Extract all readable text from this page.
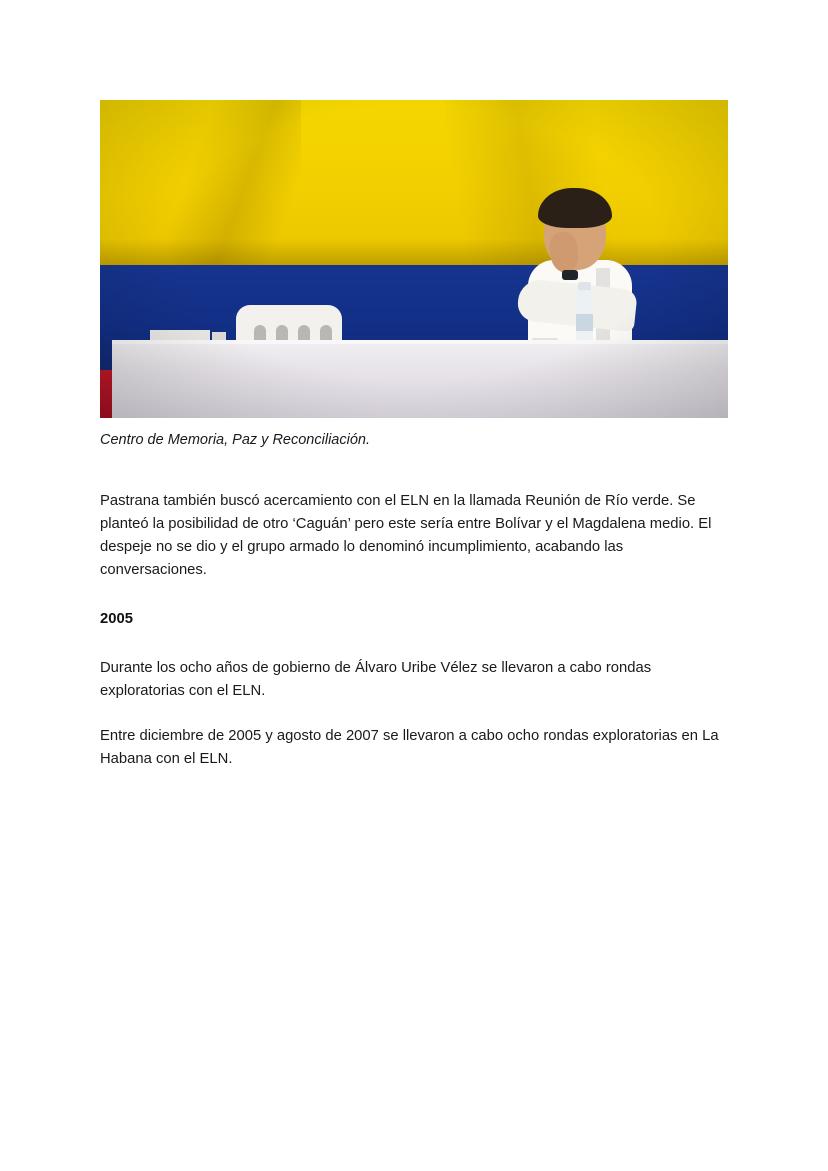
Centro de Memoria, Paz y Reconciliación.

Pastrana también buscó acercamiento con el ELN en la llamada Reunión de Río verde. Se planteó la posibilidad de otro ‘Caguán’ pero este sería entre Bolívar y el Magdalena medio. El despeje no se dio y el grupo armado lo denominó incumplimiento, acabando las conversaciones.

2005

Durante los ocho años de gobierno de Álvaro Uribe Vélez se llevaron a cabo rondas exploratorias con el ELN.

Entre diciembre de 2005 y agosto de 2007 se llevaron a cabo ocho rondas exploratorias en La Habana con el ELN.
